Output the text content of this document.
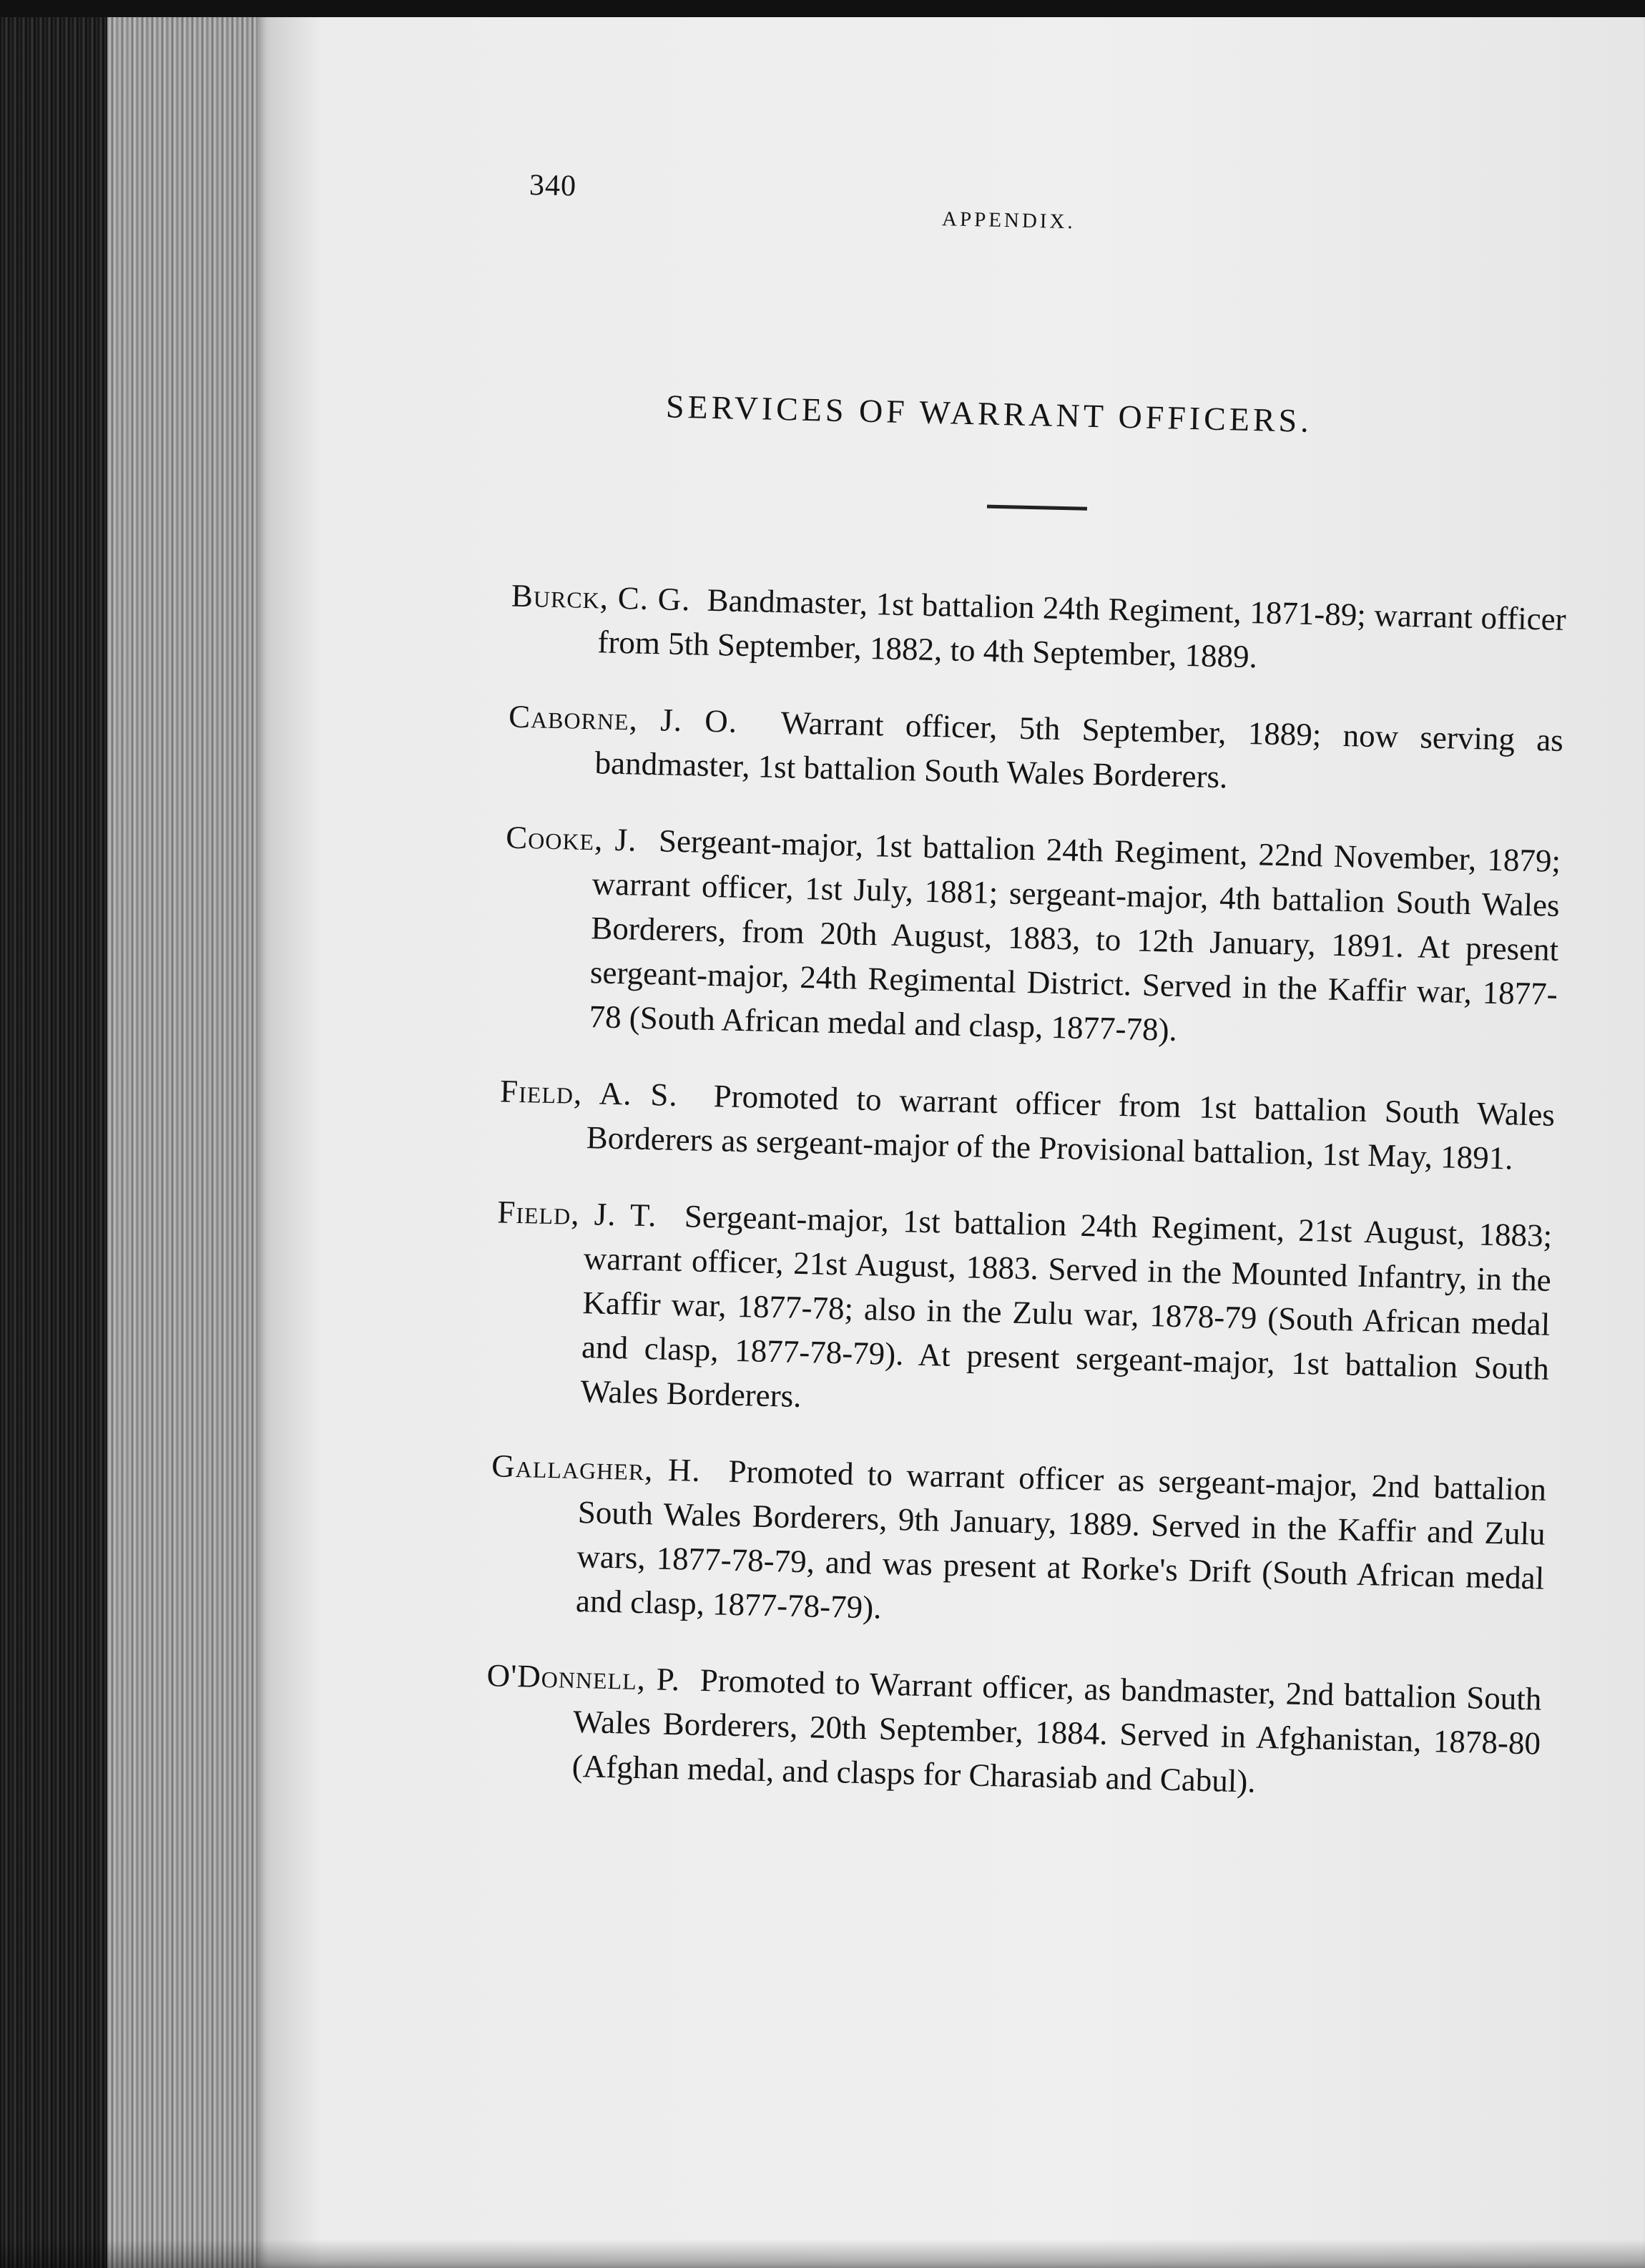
340
APPENDIX.
SERVICES OF WARRANT OFFICERS.

Burck, C. G. Bandmaster, 1st battalion 24th Regiment, 1871-89; warrant officer from 5th September, 1882, to 4th September, 1889.

Caborne, J. O. Warrant officer, 5th September, 1889; now serving as bandmaster, 1st battalion South Wales Borderers.

Cooke, J. Sergeant-major, 1st battalion 24th Regiment, 22nd November, 1879; warrant officer, 1st July, 1881; sergeant-major, 4th battalion South Wales Borderers, from 20th August, 1883, to 12th January, 1891. At present sergeant-major, 24th Regimental District. Served in the Kaffir war, 1877-78 (South African medal and clasp, 1877-78).

Field, A. S. Promoted to warrant officer from 1st battalion South Wales Borderers as sergeant-major of the Provisional battalion, 1st May, 1891.

Field, J. T. Sergeant-major, 1st battalion 24th Regiment, 21st August, 1883; warrant officer, 21st August, 1883. Served in the Mounted Infantry, in the Kaffir war, 1877-78; also in the Zulu war, 1878-79 (South African medal and clasp, 1877-78-79). At present sergeant-major, 1st battalion South Wales Borderers.

Gallagher, H. Promoted to warrant officer as sergeant-major, 2nd battalion South Wales Borderers, 9th January, 1889. Served in the Kaffir and Zulu wars, 1877-78-79, and was present at Rorke's Drift (South African medal and clasp, 1877-78-79).

O'Donnell, P. Promoted to Warrant officer, as bandmaster, 2nd battalion South Wales Borderers, 20th September, 1884. Served in Afghanistan, 1878-80 (Afghan medal, and clasps for Charasiab and Cabul).
